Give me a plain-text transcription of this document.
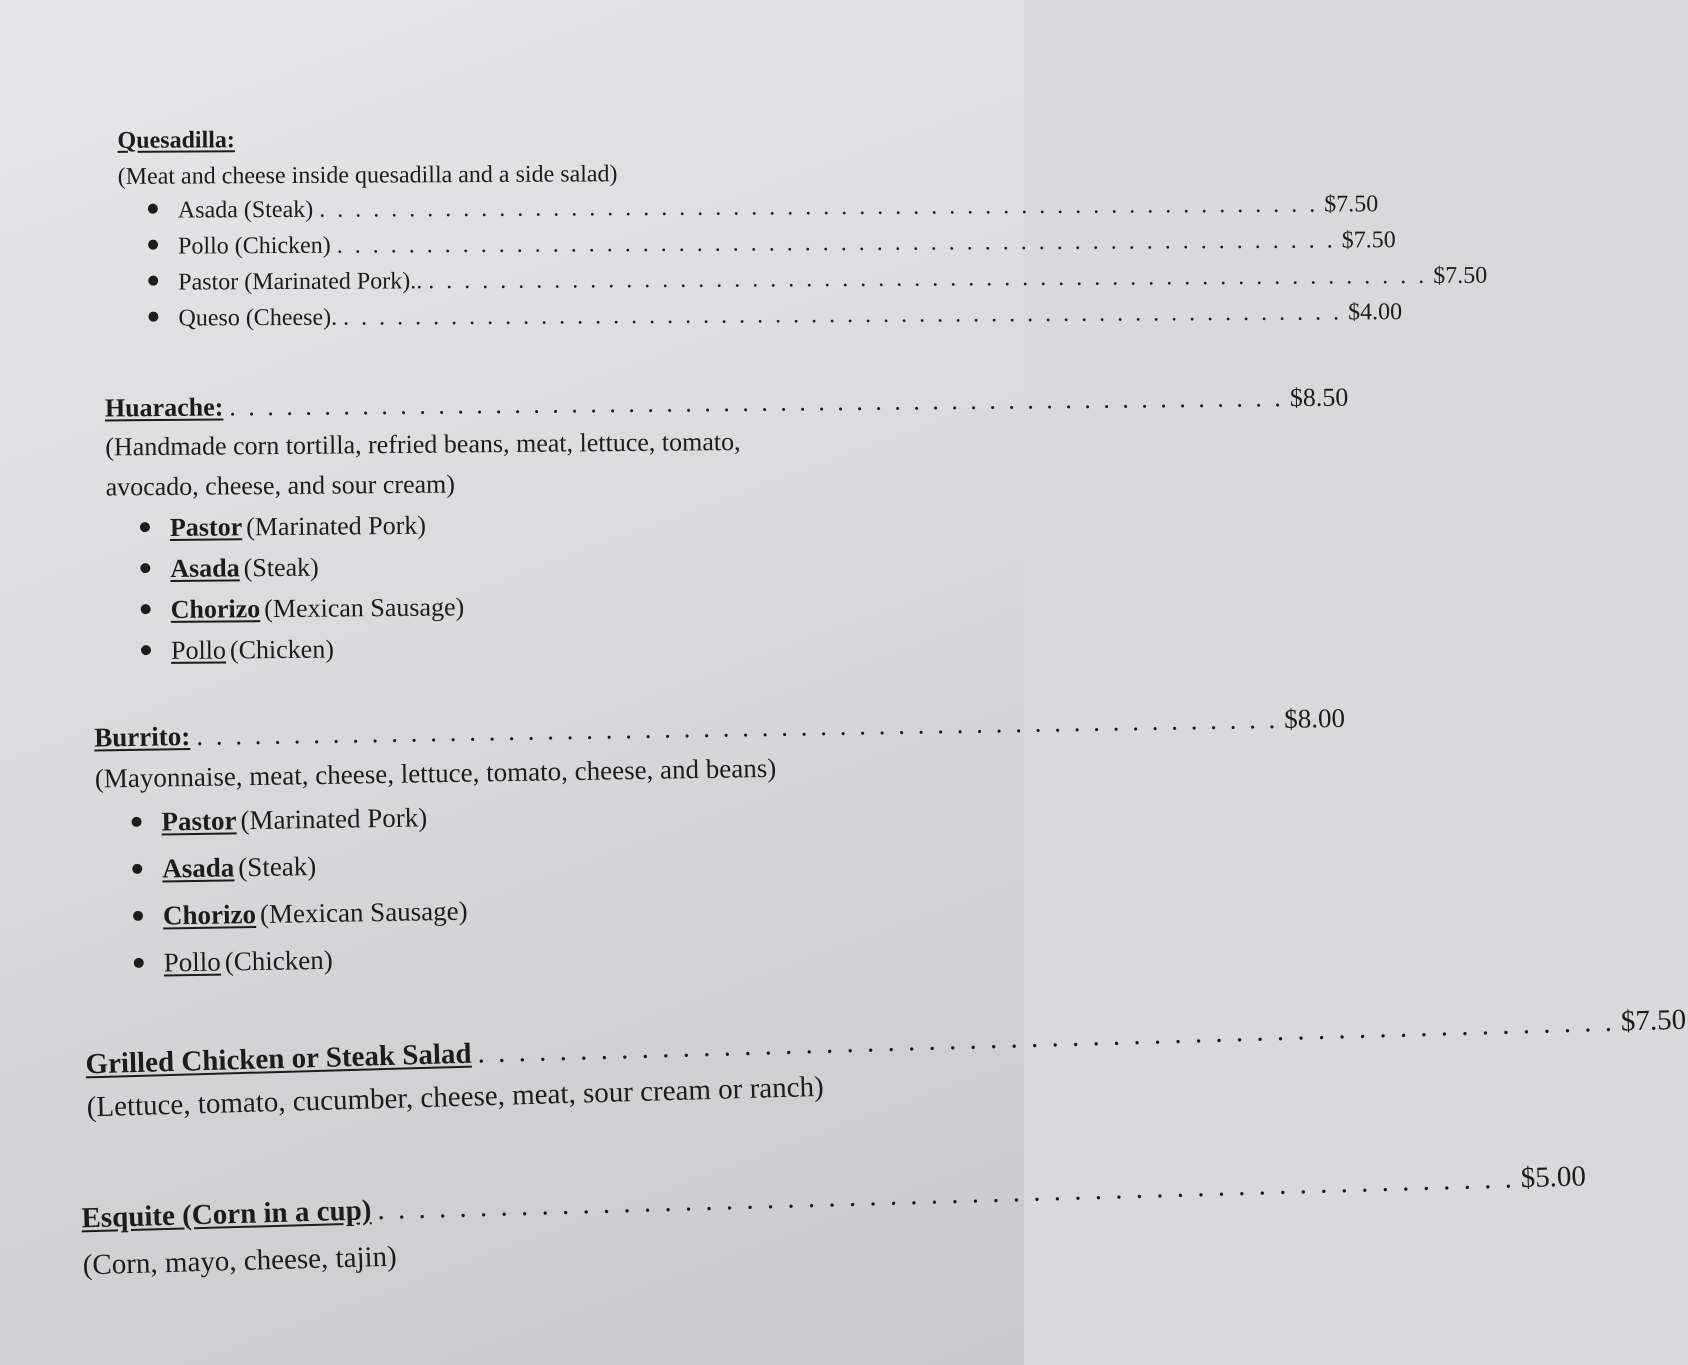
Quesadilla:
(Meat and cheese inside quesadilla and a side salad)
Asada (Steak) . . . . . . . . . . . . . . . . . . . . . . . . . . . . . . . . . . . . . . . . . . . . . . . . . . . . . . . . $7.50
Pollo (Chicken) . . . . . . . . . . . . . . . . . . . . . . . . . . . . . . . . . . . . . . . . . . . . . . . . . . . . . . . . $7.50
Pastor (Marinated Pork).. . . . . . . . . . . . . . . . . . . . . . . . . . . . . . . . . . . . . . . . . . . . . . . . . . . . . . . . . $7.50
Queso (Cheese). . . . . . . . . . . . . . . . . . . . . . . . . . . . . . . . . . . . . . . . . . . . . . . . . . . . . . . . . $4.00
Huarache: . . . . . . . . . . . . . . . . . . . . . . . . . . . . . . . . . . . . . . . . . . . . . . . . . . . . . . . . $8.50
(Handmade corn tortilla, refried beans, meat, lettuce, tomato,
avocado, cheese, and sour cream)
Pastor (Marinated Pork)
Asada (Steak)
Chorizo (Mexican Sausage)
Pollo (Chicken)
Burrito: . . . . . . . . . . . . . . . . . . . . . . . . . . . . . . . . . . . . . . . . . . . . . . . . . . . . . . . . $8.00
(Mayonnaise, meat, cheese, lettuce, tomato, cheese, and beans)
Pastor (Marinated Pork)
Asada (Steak)
Chorizo (Mexican Sausage)
Pollo (Chicken)
Grilled Chicken or Steak Salad . . . . . . . . . . . . . . . . . . . . . . . . . . . . . . . . . . . . . . . . . . . . . . . . . . . . . . . . $7.50
(Lettuce, tomato, cucumber, cheese, meat, sour cream or ranch)
Esquite (Corn in a cup) . . . . . . . . . . . . . . . . . . . . . . . . . . . . . . . . . . . . . . . . . . . . . . . . . . . . . . . . $5.00
(Corn, mayo, cheese, tajin)
